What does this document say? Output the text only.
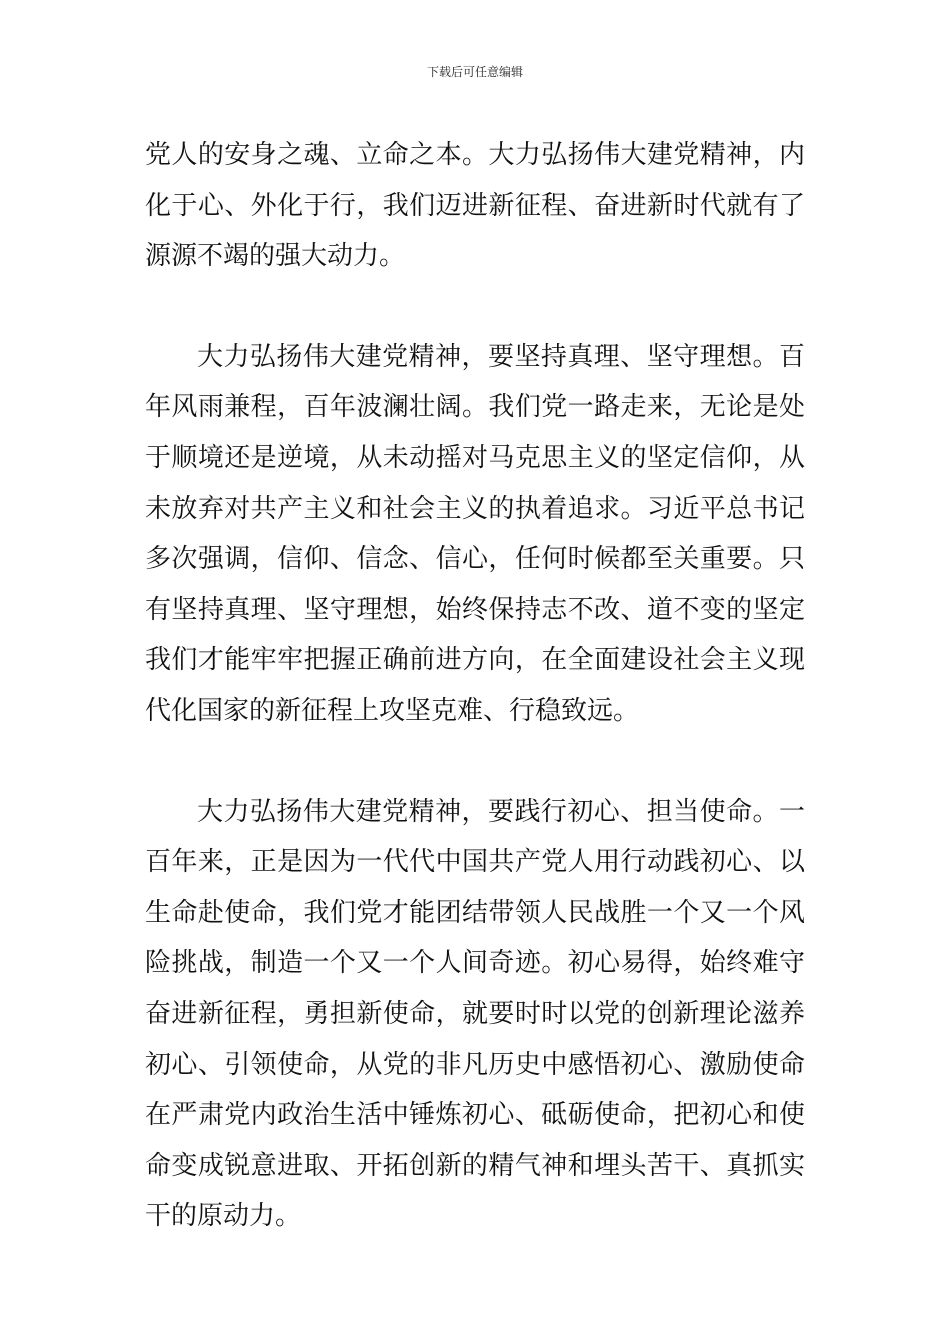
下载后可任意编辑

党人的安身之魂、立命之本。大力弘扬伟大建党精神，内化于心、外化于行，我们迈进新征程、奋进新时代就有了源源不竭的强大动力。

大力弘扬伟大建党精神，要坚持真理、坚守理想。百年风雨兼程，百年波澜壮阔。我们党一路走来，无论是处于顺境还是逆境，从未动摇对马克思主义的坚定信仰，从未放弃对共产主义和社会主义的执着追求。习近平总书记多次强调，信仰、信念、信心，任何时候都至关重要。只有坚持真理、坚守理想，始终保持志不改、道不变的坚定我们才能牢牢把握正确前进方向，在全面建设社会主义现代化国家的新征程上攻坚克难、行稳致远。

大力弘扬伟大建党精神，要践行初心、担当使命。一百年来，正是因为一代代中国共产党人用行动践初心、以生命赴使命，我们党才能团结带领人民战胜一个又一个风险挑战，制造一个又一个人间奇迹。初心易得，始终难守奋进新征程，勇担新使命，就要时时以党的创新理论滋养初心、引领使命，从党的非凡历史中感悟初心、激励使命在严肃党内政治生活中锤炼初心、砥砺使命，把初心和使命变成锐意进取、开拓创新的精气神和埋头苦干、真抓实干的原动力。
